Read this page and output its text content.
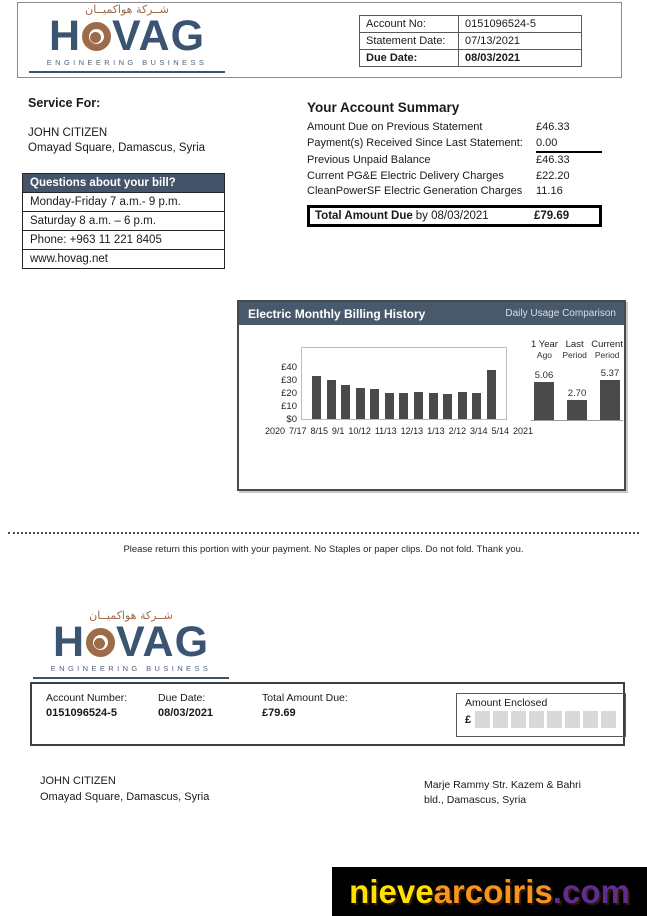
شــركة هواكميــان
H VAG
ENGINEERING BUSINESS
Account No:	0151096524-5
Statement Date:	07/13/2021
Due Date:	08/03/2021
Service For:
JOHN CITIZEN
Omayad Square, Damascus, Syria
Your Account Summary
Amount Due on Previous Statement	£46.33
Payment(s) Received Since Last Statement: 0.00
Previous Unpaid Balance	£46.33
Current PG&E Electric Delivery Charges	£22.20
CleanPowerSF Electric Generation Charges 11.16
Total Amount Due by 08/03/2021	£79.69
Questions about your bill?
Monday-Friday 7 a.m.- 9 p.m.
Saturday 8 a.m. – 6 p.m.
Phone: +963 11 221 8405
www.hovag.net
Electric Monthly Billing History	Daily Usage Comparison
£40
£30
£20
£10
$0
2020 7/17 8/15 9/1 10/12 11/13 12/13 1/13 2/12 3/14 5/14 2021
1 Year
Ago
Last
Period
Current
Period
5.06
2.70
5.37
Please return this portion with your payment. No Staples or paper clips. Do not fold. Thank you.
شــركة هواكميــان
H VAG
ENGINEERING BUSINESS
Account Number:
0151096524-5
Due Date:
08/03/2021
Total Amount Due:
£79.69
Amount Enclosed
£
JOHN CITIZEN
Omayad Square, Damascus, Syria
Marje Rammy Str. Kazem & Bahri
bld., Damascus, Syria
nieve arcoiris .com
